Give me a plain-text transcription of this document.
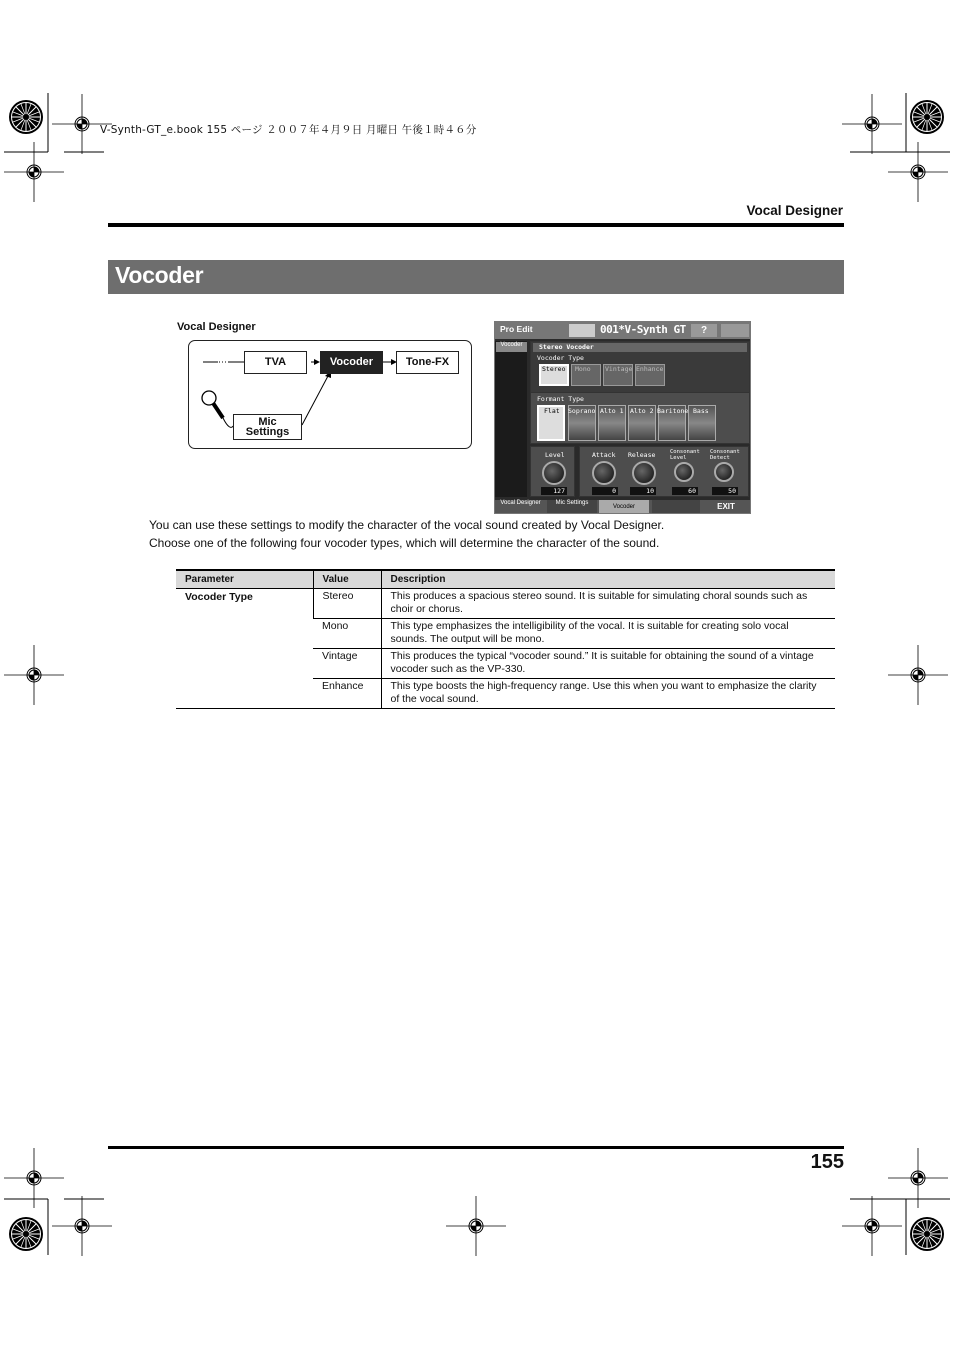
V-Synth-GT_e.book 155 ページ ２００７年４月９日 月曜日 午後１時４６分
Vocal Designer
Vocoder
Vocal Designer
TVA	Vocoder	Tone-FX
Mic
Settings
Pro Edit	001*V-Synth GT	?
Vocoder	Stereo Vocoder
Vocoder Type
Stereo Mono Vintage Enhance
Formant Type
Flat Soprano Alto 1 Alto 2 Baritone Bass
Level
127
Attack
0
Release
10
Consonant Level
60
Consonant Detect
50
Vocal Designer	Mic Settings
Vocoder	EXIT
You can use these settings to modify the character of the vocal sound created by Vocal Designer.
Choose one of the following four vocoder types, which will determine the character of the sound.
Parameter	Value	Description
Vocoder Type	Stereo	This produces a spacious stereo sound. It is suitable for simulating choral sounds such as
choir or chorus.

	Mono	This type emphasizes the intelligibility of the vocal. It is suitable for creating solo vocal
sounds. The output will be mono.

	Vintage	This produces the typical “vocoder sound.” It is suitable for obtaining the sound of a vintage
vocoder such as the VP-330.

	Enhance	This type boosts the high-frequency range. Use this when you want to emphasize the clarity
of the vocal sound.
155
